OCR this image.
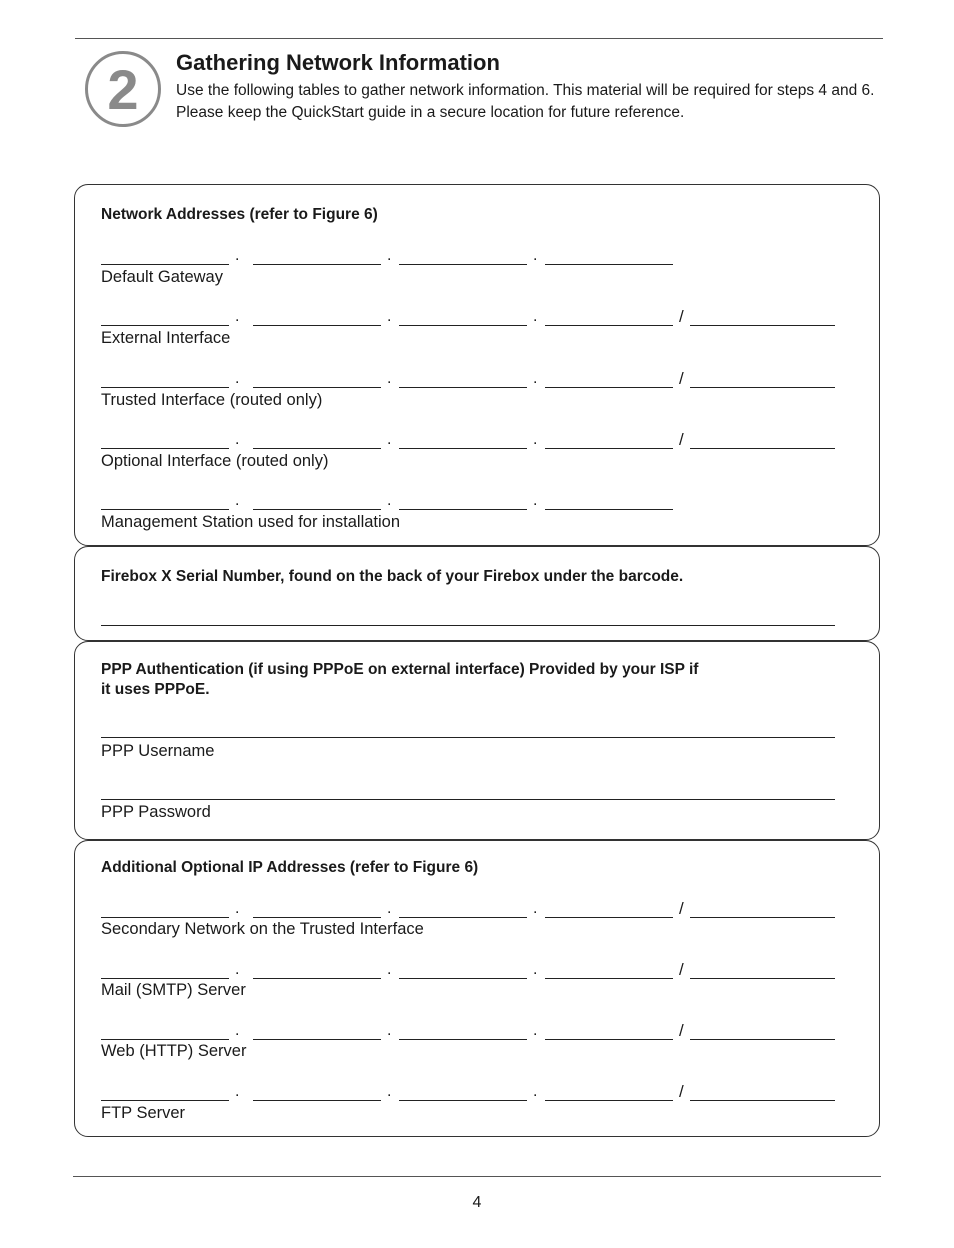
2 Gathering Network Information

Use the following tables to gather network information. This material will be required for steps 4 and 6. Please keep the QuickStart guide in a secure location for future reference.

Network Addresses (refer to Figure 6)

.	.	.

Default Gateway

.	.	.	/

External Interface

.	.	.	/

Trusted Interface (routed only)

.	.	.	/

Optional Interface (routed only)

.	.	.

Management Station used for installation

Firebox X Serial Number, found on the back of your Firebox under the barcode.

PPP Authentication (if using PPPoE on external interface) Provided by your ISP if
it uses PPPoE.

PPP Username

PPP Password

Additional Optional IP Addresses (refer to Figure 6)

.	.	.	/

Secondary Network on the Trusted Interface

.	.	.	/

Mail (SMTP) Server

.	.	.	/

Web (HTTP) Server

.	.	.	/

FTP Server

4
